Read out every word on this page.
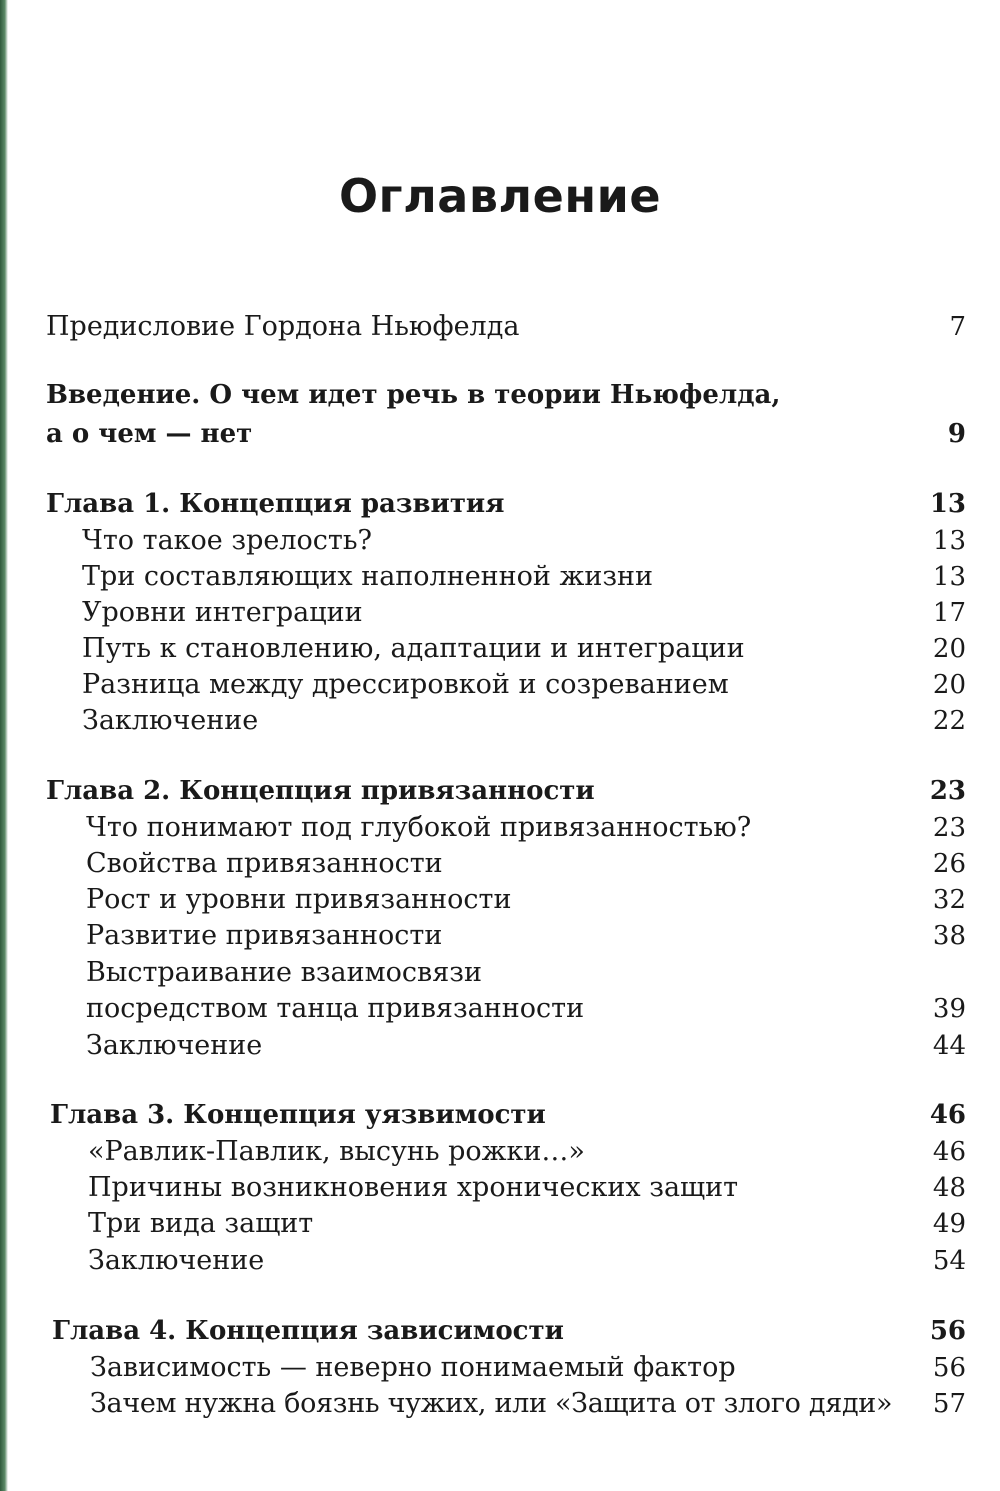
Оглавление
Предисловие Гордона Ньюфелда	7
Введение. О чем идет речь в теории Ньюфелда,
а о чем — нет	9
Глава 1. Концепция развития	13
Что такое зрелость?	13
Три составляющих наполненной жизни	13
Уровни интеграции	17
Путь к становлению, адаптации и интеграции	20
Разница между дрессировкой и созреванием	20
Заключение	22
Глава 2. Концепция привязанности	23
Что понимают под глубокой привязанностью?	23
Свойства привязанности	26
Рост и уровни привязанности	32
Развитие привязанности	38
Выстраивание взаимосвязи
посредством танца привязанности	39
Заключение	44
Глава 3. Концепция уязвимости	46
«Равлик-Павлик, высунь рожки…»	46
Причины возникновения хронических защит	48
Три вида защит	49
Заключение	54
Глава 4. Концепция зависимости	56
Зависимость — неверно понимаемый фактор	56
Зачем нужна боязнь чужих, или «Защита от злого дяди»	57
